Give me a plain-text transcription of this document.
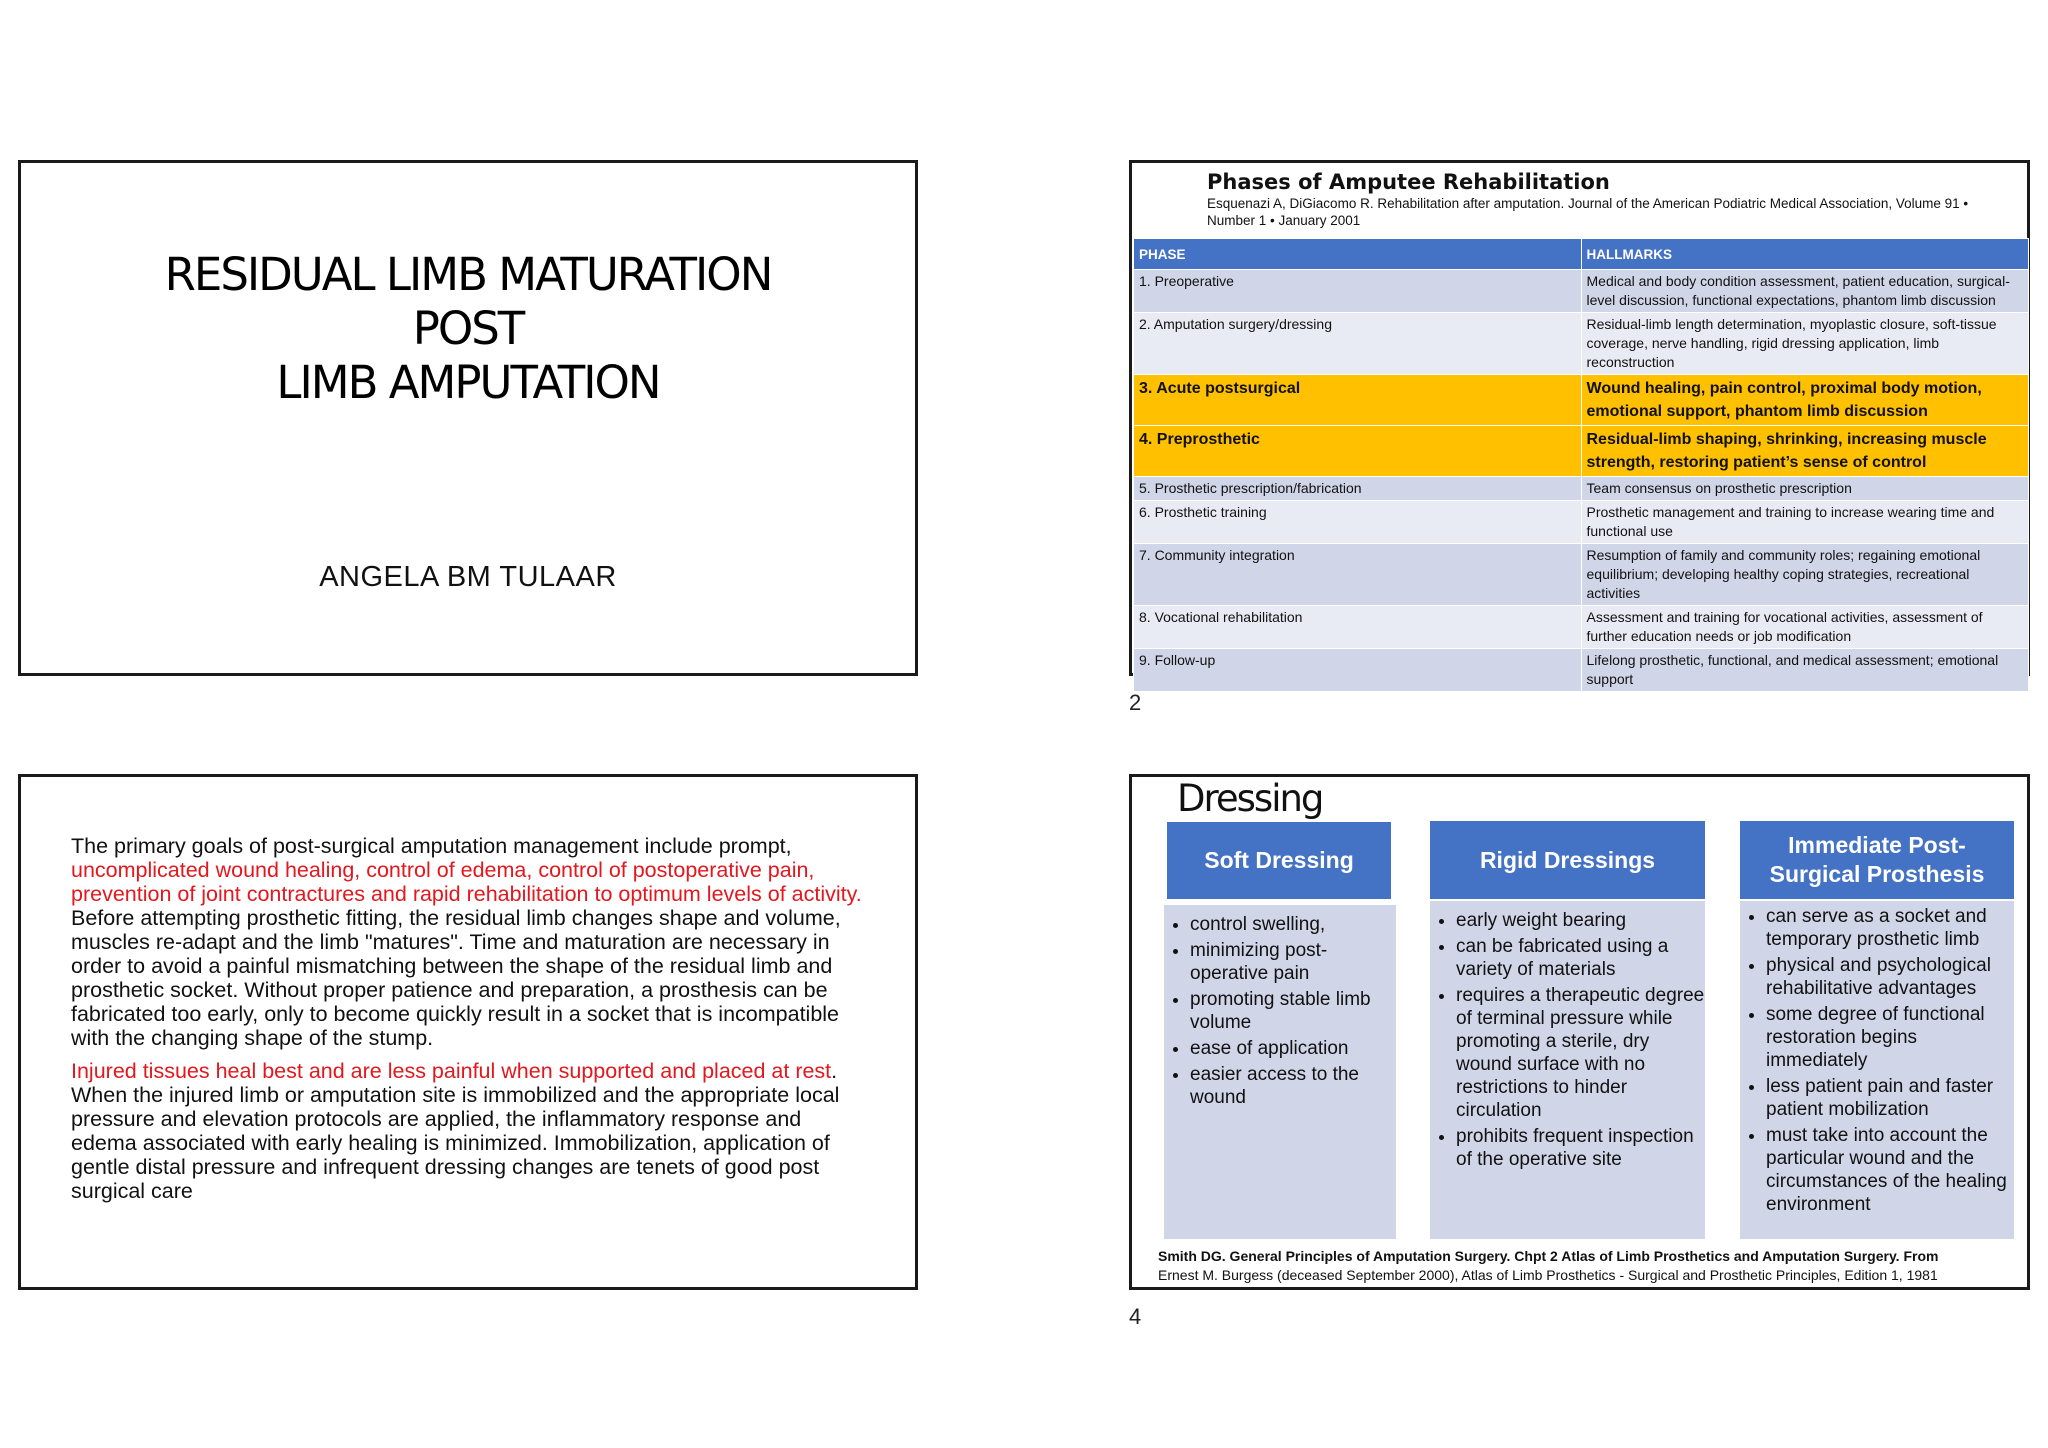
RESIDUAL LIMB MATURATION
POST
LIMB AMPUTATION
ANGELA BM TULAAR
Phases of Amputee Rehabilitation
Esquenazi A, DiGiacomo R. Rehabilitation after amputation. Journal of the American Podiatric Medical Association, Volume 91 • Number 1 • January 2001
PHASE	HALLMARKS
1. Preoperative	Medical and body condition assessment, patient education, surgical-level discussion, functional expectations, phantom limb discussion
2. Amputation surgery/dressing	Residual-limb length determination, myoplastic closure, soft-tissue coverage, nerve handling, rigid dressing application, limb reconstruction
3. Acute postsurgical	Wound healing, pain control, proximal body motion, emotional support, phantom limb discussion
4. Preprosthetic	Residual-limb shaping, shrinking, increasing muscle strength, restoring patient’s sense of control
5. Prosthetic prescription/fabrication	Team consensus on prosthetic prescription
6. Prosthetic training	Prosthetic management and training to increase wearing time and functional use
7. Community integration	Resumption of family and community roles; regaining emotional equilibrium; developing healthy coping strategies, recreational activities
8. Vocational rehabilitation	Assessment and training for vocational activities, assessment of further education needs or job modification
9. Follow-up	Lifelong prosthetic, functional, and medical assessment; emotional support
2

The primary goals of post-surgical amputation management include prompt, uncomplicated wound healing, control of edema, control of postoperative pain, prevention of joint contractures and rapid rehabilitation to optimum levels of activity. Before attempting prosthetic fitting, the residual limb changes shape and volume, muscles re-adapt and the limb "matures". Time and maturation are necessary in order to avoid a painful mismatching between the shape of the residual limb and prosthetic socket. Without proper patience and preparation, a prosthesis can be fabricated too early, only to become quickly result in a socket that is incompatible with the changing shape of the stump.

Injured tissues heal best and are less painful when supported and placed at rest. When the injured limb or amputation site is immobilized and the appropriate local pressure and elevation protocols are applied, the inflammatory response and edema associated with early healing is minimized. Immobilization, application of gentle distal pressure and infrequent dressing changes are tenets of good post surgical care

Dressing
Soft Dressing
• control swelling,
• minimizing post-operative pain
• promoting stable limb volume
• ease of application
• easier access to the wound
Rigid Dressings
• early weight bearing
• can be fabricated using a variety of materials
• requires a therapeutic degree of terminal pressure while promoting a sterile, dry wound surface with no restrictions to hinder circulation
• prohibits frequent inspection of the operative site
Immediate Post-Surgical Prosthesis
• can serve as a socket and temporary prosthetic limb
• physical and psychological rehabilitative advantages
• some degree of functional restoration begins immediately
• less patient pain and faster patient mobilization
• must take into account the particular wound and the circumstances of the healing environment
Smith DG. General Principles of Amputation Surgery. Chpt 2 Atlas of Limb Prosthetics and Amputation Surgery. From
Ernest M. Burgess (deceased September 2000), Atlas of Limb Prosthetics - Surgical and Prosthetic Principles, Edition 1, 1981
4
